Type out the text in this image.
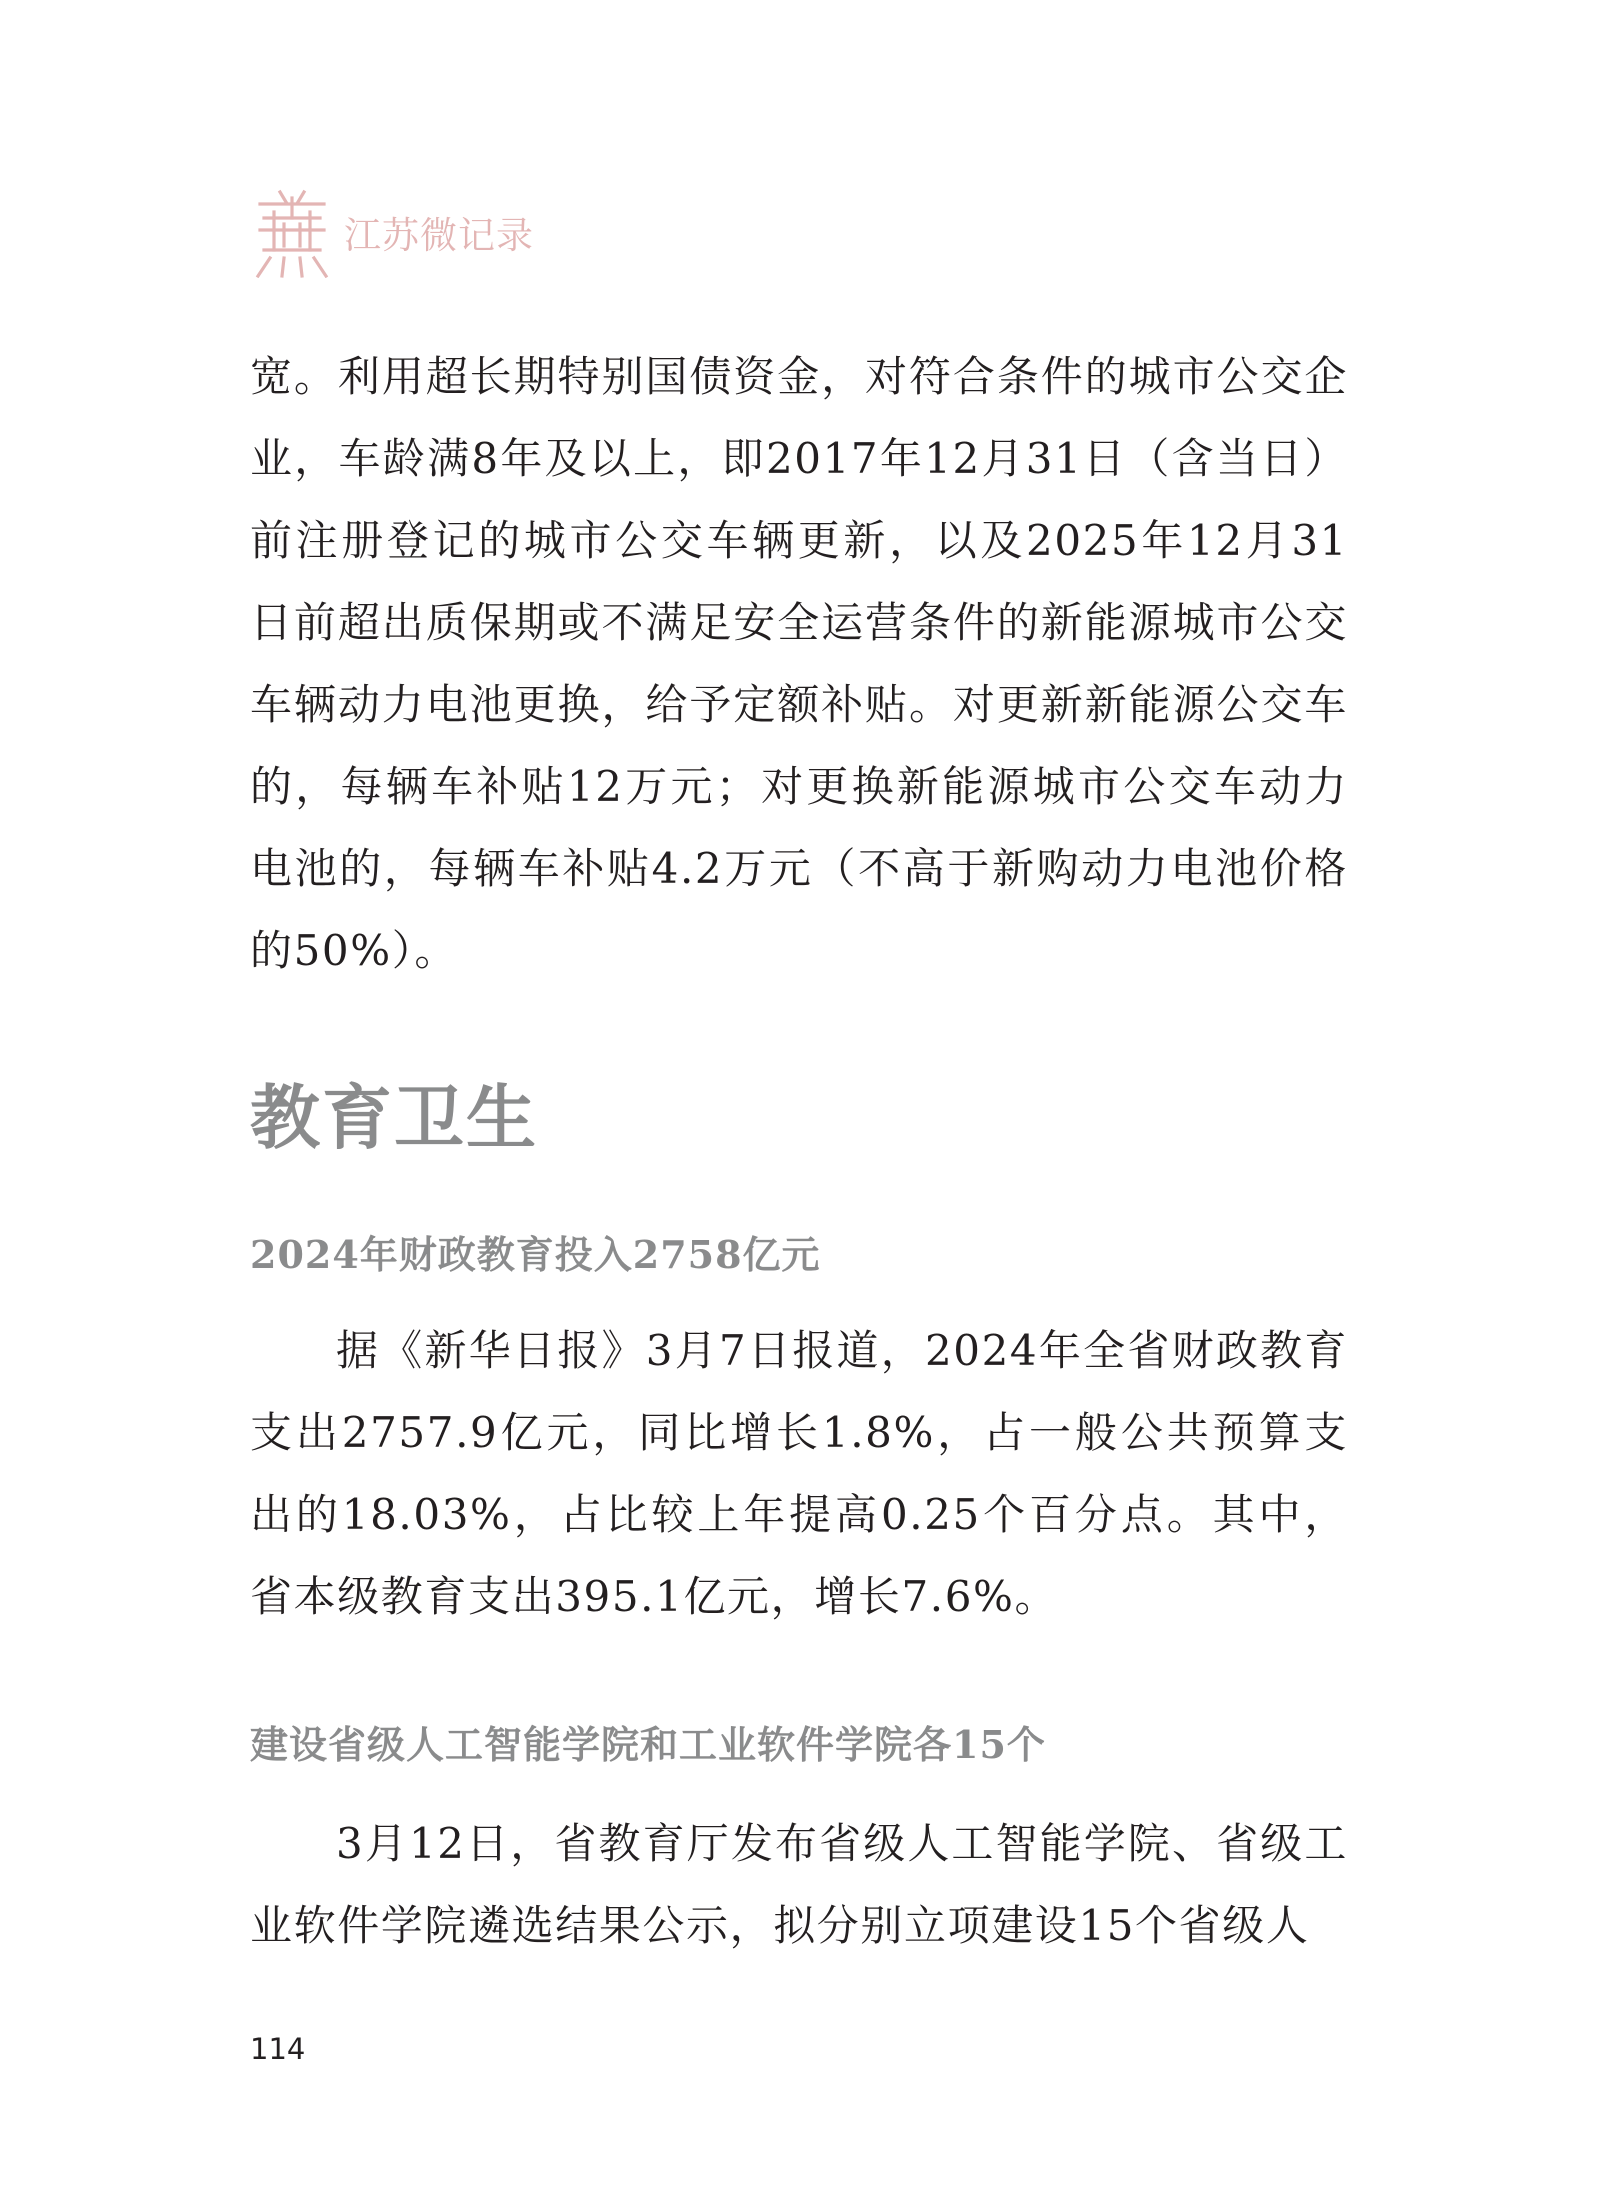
江苏微记录

宽。利用超长期特别国债资金，对符合条件的城市公交企业，车龄满8年及以上，即2017年12月31日（含当日）前注册登记的城市公交车辆更新，以及2025年12月31日前超出质保期或不满足安全运营条件的新能源城市公交车辆动力电池更换，给予定额补贴。对更新新能源公交车的，每辆车补贴12万元；对更换新能源城市公交车动力电池的，每辆车补贴4.2万元（不高于新购动力电池价格的50%）。

教育卫生
2024年财政教育投入2758亿元

据《新华日报》3月7日报道，2024年全省财政教育支出2757.9亿元，同比增长1.8%，占一般公共预算支出的18.03%，占比较上年提高0.25个百分点。其中，省本级教育支出395.1亿元，增长7.6%。

建设省级人工智能学院和工业软件学院各15个

3月12日，省教育厅发布省级人工智能学院、省级工业软件学院遴选结果公示，拟分别立项建设15个省级人

114
